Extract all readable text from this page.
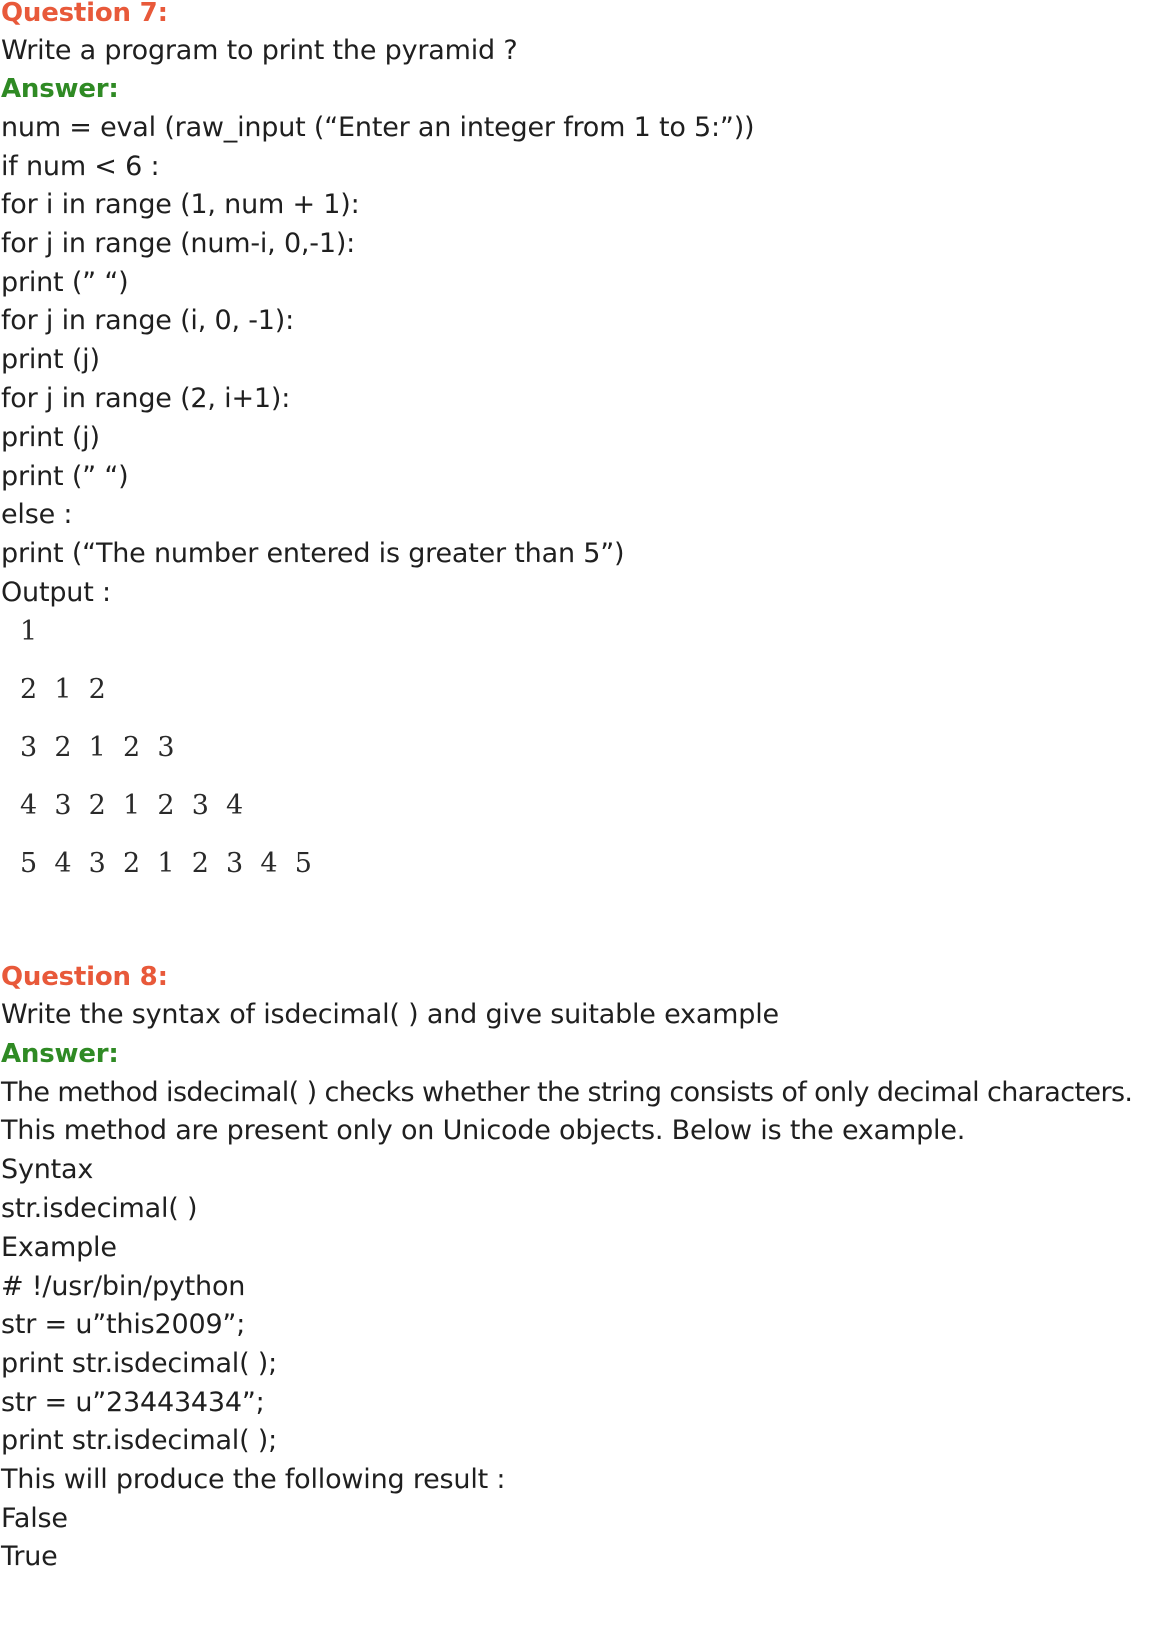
Question 7:
Write a program to print the pyramid ?
Answer:
num = eval (raw_input (“Enter an integer from 1 to 5:”))
if num < 6 :
for i in range (1, num + 1):
for j in range (num-i, 0,-1):
print (” “)
for j in range (i, 0, -1):
print (j)
for j in range (2, i+1):
print (j)
print (” “)
else :
print (“The number entered is greater than 5”)
Output :
1
2  1  2
3  2  1  2  3
4  3  2  1  2  3  4
5  4  3  2  1  2  3  4  5
Question 8:
Write the syntax of isdecimal( ) and give suitable example
Answer:
The method isdecimal( ) checks whether the string consists of only decimal characters.
This method are present only on Unicode objects. Below is the example.
Syntax
str.isdecimal( )
Example
# !/usr/bin/python
str = u”this2009”;
print str.isdecimal( );
str = u”23443434”;
print str.isdecimal( );
This will produce the following result :
False
True
